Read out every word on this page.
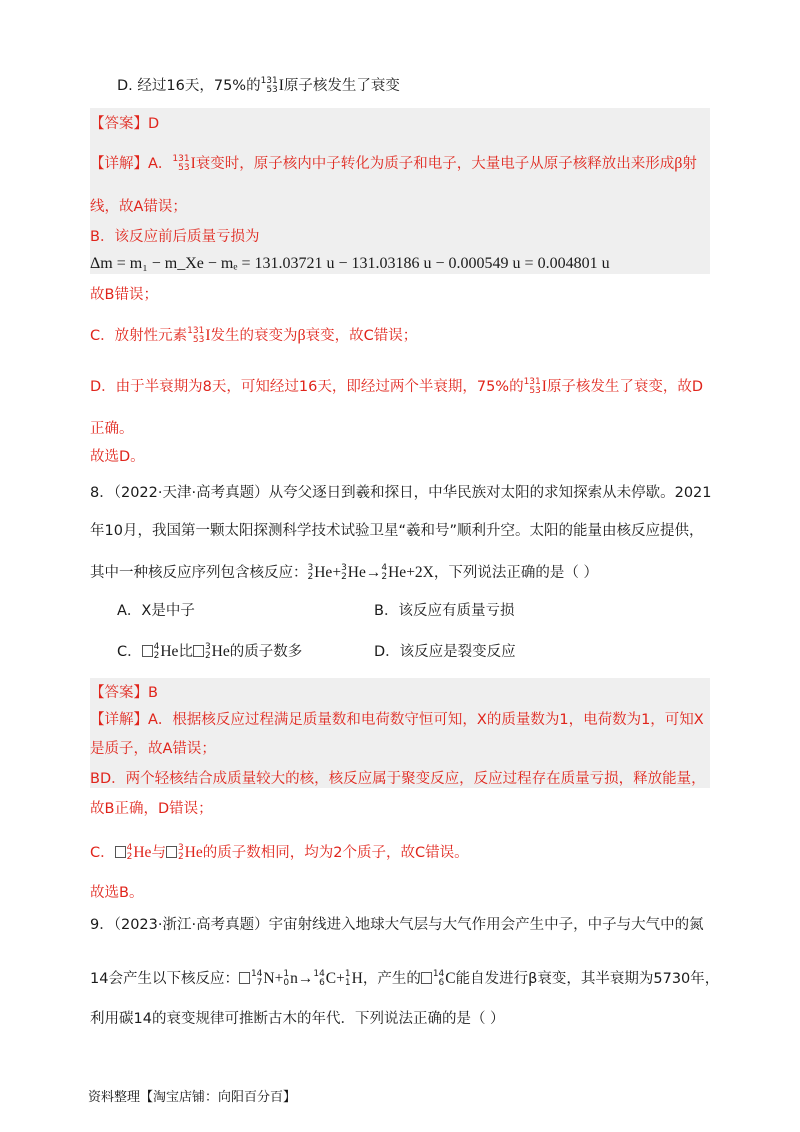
D. 经过16天，75%的 131
53 I原子核发生了衰变
【答案】D
【详解】A． 131
53 I衰变时，原子核内中子转化为质子和电子，大量电子从原子核释放出来形成β射
线，故A错误；
B．该反应前后质量亏损为
Δm = m₁ − m_Xe − mₑ = 131.03721 u − 131.03186 u − 0.000549 u = 0.004801 u
故B错误；
C．放射性元素 131
53 I发生的衰变为β衰变，故C错误；
D．由于半衰期为8天，可知经过16天，即经过两个半衰期，75%的 131
53 I原子核发生了衰变，故D
正确。
故选D。
8．（2022·天津·高考真题）从夸父逐日到羲和探日，中华民族对太阳的求知探索从未停歇。2021
年10月，我国第一颗太阳探测科学技术试验卫星“羲和号”顺利升空。太阳的能量由核反应提供，
其中一种核反应序列包含核反应： 3
2 He+ 3
2 He→ 4
2 He+2X，下列说法正确的是（ ）
A．X是中子	B．该反应有质量亏损
C． 4
2 He比 3
2 He的质子数多	D．该反应是裂变反应
【答案】B
【详解】A．根据核反应过程满足质量数和电荷数守恒可知，X的质量数为1，电荷数为1，可知X
是质子，故A错误；
BD．两个轻核结合成质量较大的核，核反应属于聚变反应，反应过程存在质量亏损，释放能量，
故B正确，D错误；
C． 4
2 He与 3
2 He的质子数相同，均为2个质子，故C错误。
故选B。
9．（2023·浙江·高考真题）宇宙射线进入地球大气层与大气作用会产生中子，中子与大气中的氮
14会产生以下核反应： 14
7 N+ 1
0 n→ 14
6 C+ 1
1 H，产生的 14
6 C能自发进行β衰变，其半衰期为5730年，
利用碳14的衰变规律可推断古木的年代．下列说法正确的是（ ）
资料整理【淘宝店铺：向阳百分百】
